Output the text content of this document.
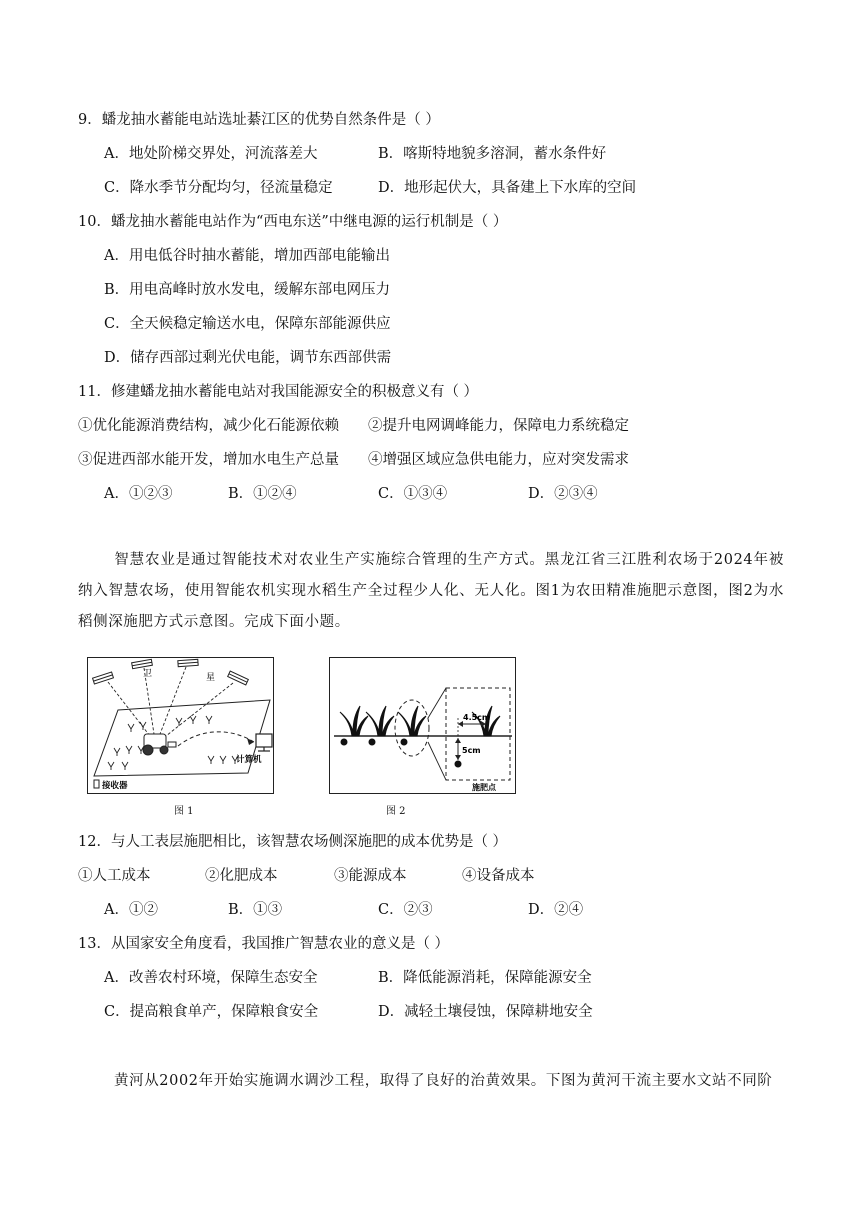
9．蟠龙抽水蓄能电站选址綦江区的优势自然条件是（ ）
A．地处阶梯交界处，河流落差大	B．喀斯特地貌多溶洞，蓄水条件好
C．降水季节分配均匀，径流量稳定	D．地形起伏大，具备建上下水库的空间
10．蟠龙抽水蓄能电站作为“西电东送”中继电源的运行机制是（ ）
A．用电低谷时抽水蓄能，增加西部电能输出
B．用电高峰时放水发电，缓解东部电网压力
C．全天候稳定输送水电，保障东部能源供应
D．储存西部过剩光伏电能，调节东西部供需
11．修建蟠龙抽水蓄能电站对我国能源安全的积极意义有（ ）
①优化能源消费结构，减少化石能源依赖 ②提升电网调峰能力，保障电力系统稳定
③促进西部水能开发，增加水电生产总量 ④增强区域应急供电能力，应对突发需求
A．①②③	B．①②④	C．①③④	D．②③④
智慧农业是通过智能技术对农业生产实施综合管理的生产方式。黑龙江省三江胜利农场于2024年被纳入智慧农场，使用智能农机实现水稻生产全过程少人化、无人化。图1为农田精准施肥示意图，图2为水稻侧深施肥方式示意图。完成下面小题。
卫	星
接收器
计算机
图 1
4.5cm
5cm
施肥点
图 2
12．与人工表层施肥相比，该智慧农场侧深施肥的成本优势是（ ）
①人工成本	②化肥成本	③能源成本	④设备成本
A．①②	B．①③	C．②③	D．②④
13．从国家安全角度看，我国推广智慧农业的意义是（ ）
A．改善农村环境，保障生态安全	B．降低能源消耗，保障能源安全
C．提高粮食单产，保障粮食安全	D．减轻土壤侵蚀，保障耕地安全
黄河从2002年开始实施调水调沙工程，取得了良好的治黄效果。下图为黄河干流主要水文站不同阶
